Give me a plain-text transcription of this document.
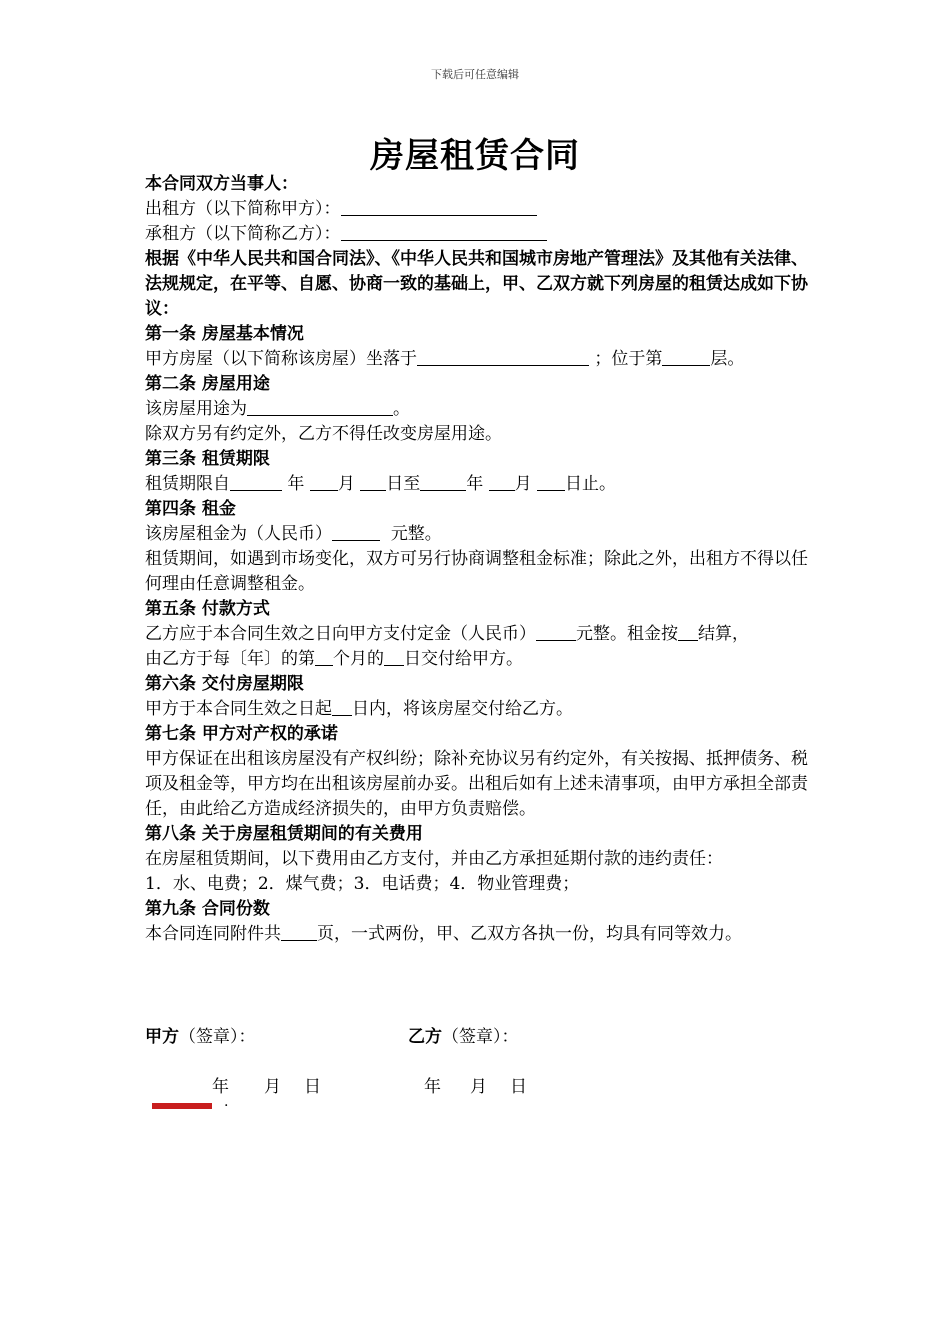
下载后可任意编辑
房屋租赁合同
本合同双方当事人：
出租方（以下简称甲方）：
承租方（以下简称乙方）：
根据《中华人民共和国合同法》、《中华人民共和国城市房地产管理法》及其他有关法律、法规规定，在平等、自愿、协商一致的基础上，甲、乙双方就下列房屋的租赁达成如下协议：
第一条 房屋基本情况
甲方房屋（以下简称该房屋）坐落于	；位于第	层。
第二条 房屋用途
该房屋用途为	。
除双方另有约定外，乙方不得任改变房屋用途。
第三条 租赁期限
租赁期限自	年 月 日至	年 月 日止。
第四条 租金
该房屋租金为（人民币）	元整。
租赁期间，如遇到市场变化，双方可另行协商调整租金标准；除此之外，出租方不得以任何理由任意调整租金。
第五条 付款方式
乙方应于本合同生效之日向甲方支付定金（人民币） 元整。租金按 结算，
由乙方于每〔年〕的第 个月的 日交付给甲方。
第六条 交付房屋期限
甲方于本合同生效之日起 日内，将该房屋交付给乙方。
第七条 甲方对产权的承诺
甲方保证在出租该房屋没有产权纠纷；除补充协议另有约定外，有关按揭、抵押债务、税项及租金等，甲方均在出租该房屋前办妥。出租后如有上述未清事项，由甲方承担全部责任，由此给乙方造成经济损失的，由甲方负责赔偿。
第八条 关于房屋租赁期间的有关费用
在房屋租赁期间，以下费用由乙方支付，并由乙方承担延期付款的违约责任：
1．水、电费；2．煤气费；3．电话费；4．物业管理费；
第九条 合同份数
本合同连同附件共 页，一式两份，甲、乙双方各执一份，均具有同等效力。
甲方（签章）：	乙方（签章）：
年 月 日	年 月 日
.
